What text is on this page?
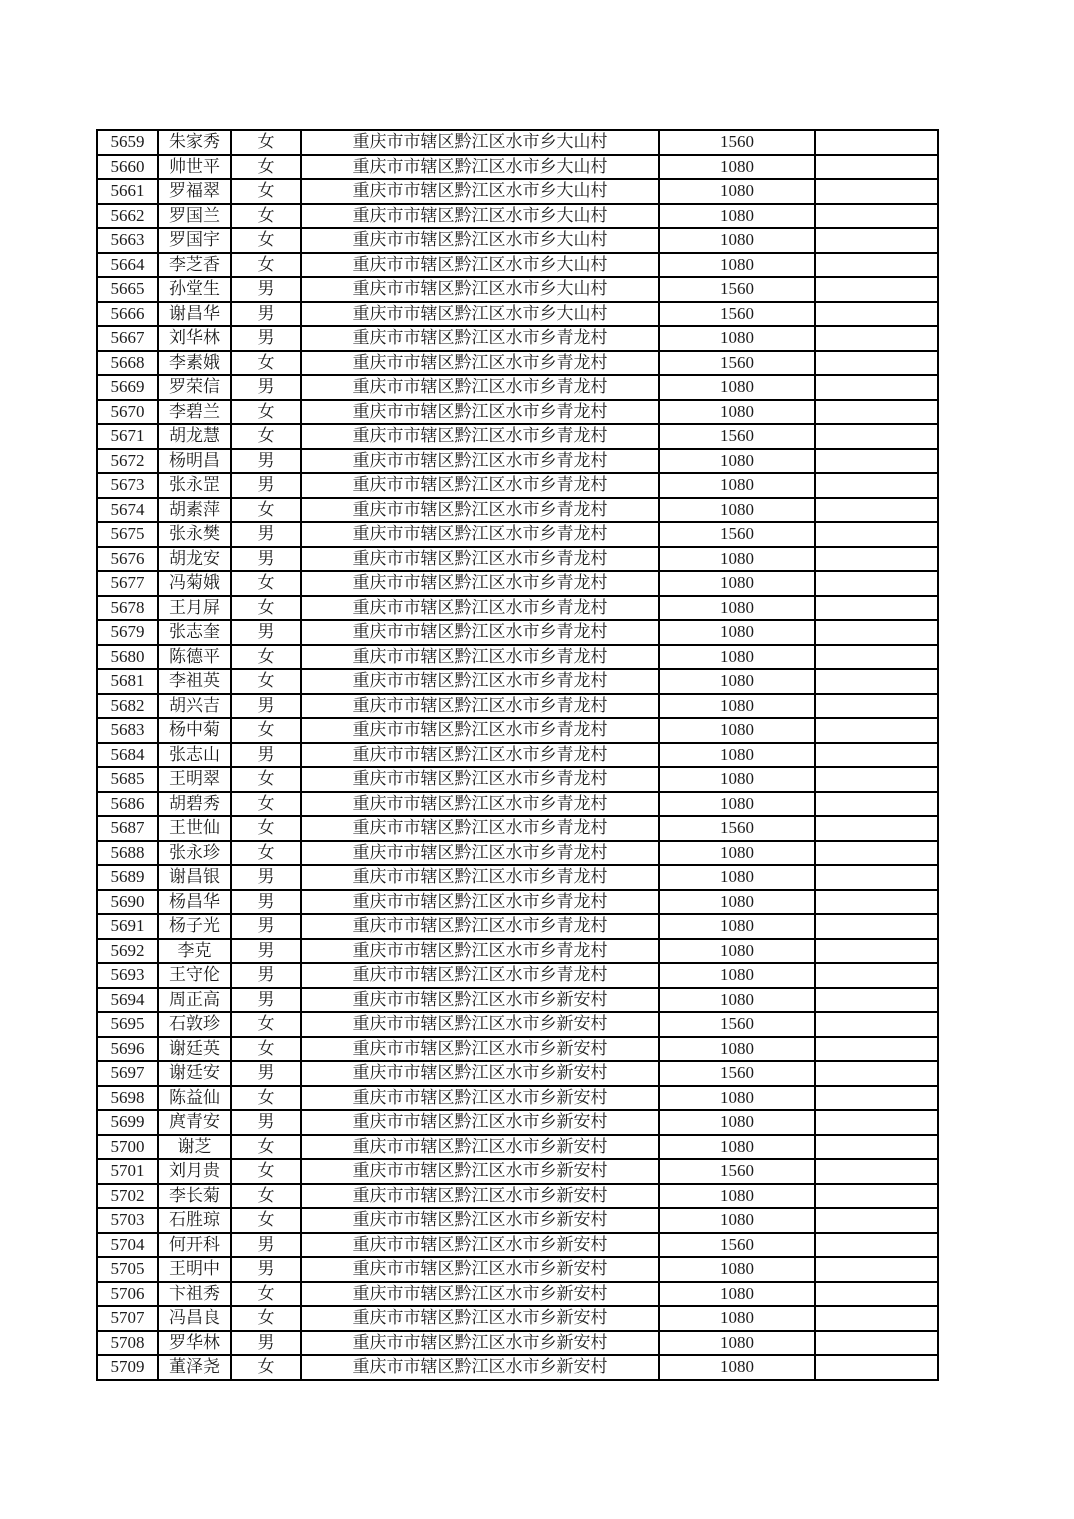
5659	朱家秀	女	重庆市市辖区黔江区水市乡大山村	1560	
5660	帅世平	女	重庆市市辖区黔江区水市乡大山村	1080	
5661	罗福翠	女	重庆市市辖区黔江区水市乡大山村	1080	
5662	罗国兰	女	重庆市市辖区黔江区水市乡大山村	1080	
5663	罗国宇	女	重庆市市辖区黔江区水市乡大山村	1080	
5664	李芝香	女	重庆市市辖区黔江区水市乡大山村	1080	
5665	孙堂生	男	重庆市市辖区黔江区水市乡大山村	1560	
5666	谢昌华	男	重庆市市辖区黔江区水市乡大山村	1560	
5667	刘华林	男	重庆市市辖区黔江区水市乡青龙村	1080	
5668	李素娥	女	重庆市市辖区黔江区水市乡青龙村	1560	
5669	罗荣信	男	重庆市市辖区黔江区水市乡青龙村	1080	
5670	李碧兰	女	重庆市市辖区黔江区水市乡青龙村	1080	
5671	胡龙慧	女	重庆市市辖区黔江区水市乡青龙村	1560	
5672	杨明昌	男	重庆市市辖区黔江区水市乡青龙村	1080	
5673	张永罡	男	重庆市市辖区黔江区水市乡青龙村	1080	
5674	胡素萍	女	重庆市市辖区黔江区水市乡青龙村	1080	
5675	张永樊	男	重庆市市辖区黔江区水市乡青龙村	1560	
5676	胡龙安	男	重庆市市辖区黔江区水市乡青龙村	1080	
5677	冯菊娥	女	重庆市市辖区黔江区水市乡青龙村	1080	
5678	王月屏	女	重庆市市辖区黔江区水市乡青龙村	1080	
5679	张志奎	男	重庆市市辖区黔江区水市乡青龙村	1080	
5680	陈德平	女	重庆市市辖区黔江区水市乡青龙村	1080	
5681	李祖英	女	重庆市市辖区黔江区水市乡青龙村	1080	
5682	胡兴吉	男	重庆市市辖区黔江区水市乡青龙村	1080	
5683	杨中菊	女	重庆市市辖区黔江区水市乡青龙村	1080	
5684	张志山	男	重庆市市辖区黔江区水市乡青龙村	1080	
5685	王明翠	女	重庆市市辖区黔江区水市乡青龙村	1080	
5686	胡碧秀	女	重庆市市辖区黔江区水市乡青龙村	1080	
5687	王世仙	女	重庆市市辖区黔江区水市乡青龙村	1560	
5688	张永珍	女	重庆市市辖区黔江区水市乡青龙村	1080	
5689	谢昌银	男	重庆市市辖区黔江区水市乡青龙村	1080	
5690	杨昌华	男	重庆市市辖区黔江区水市乡青龙村	1080	
5691	杨子光	男	重庆市市辖区黔江区水市乡青龙村	1080	
5692	李克	男	重庆市市辖区黔江区水市乡青龙村	1080	
5693	王守伦	男	重庆市市辖区黔江区水市乡青龙村	1080	
5694	周正高	男	重庆市市辖区黔江区水市乡新安村	1080	
5695	石敦珍	女	重庆市市辖区黔江区水市乡新安村	1560	
5696	谢廷英	女	重庆市市辖区黔江区水市乡新安村	1080	
5697	谢廷安	男	重庆市市辖区黔江区水市乡新安村	1560	
5698	陈益仙	女	重庆市市辖区黔江区水市乡新安村	1080	
5699	庹青安	男	重庆市市辖区黔江区水市乡新安村	1080	
5700	谢芝	女	重庆市市辖区黔江区水市乡新安村	1080	
5701	刘月贵	女	重庆市市辖区黔江区水市乡新安村	1560	
5702	李长菊	女	重庆市市辖区黔江区水市乡新安村	1080	
5703	石胜琼	女	重庆市市辖区黔江区水市乡新安村	1080	
5704	何开科	男	重庆市市辖区黔江区水市乡新安村	1560	
5705	王明中	男	重庆市市辖区黔江区水市乡新安村	1080	
5706	卞祖秀	女	重庆市市辖区黔江区水市乡新安村	1080	
5707	冯昌良	女	重庆市市辖区黔江区水市乡新安村	1080	
5708	罗华林	男	重庆市市辖区黔江区水市乡新安村	1080	
5709	董泽尧	女	重庆市市辖区黔江区水市乡新安村	1080	
